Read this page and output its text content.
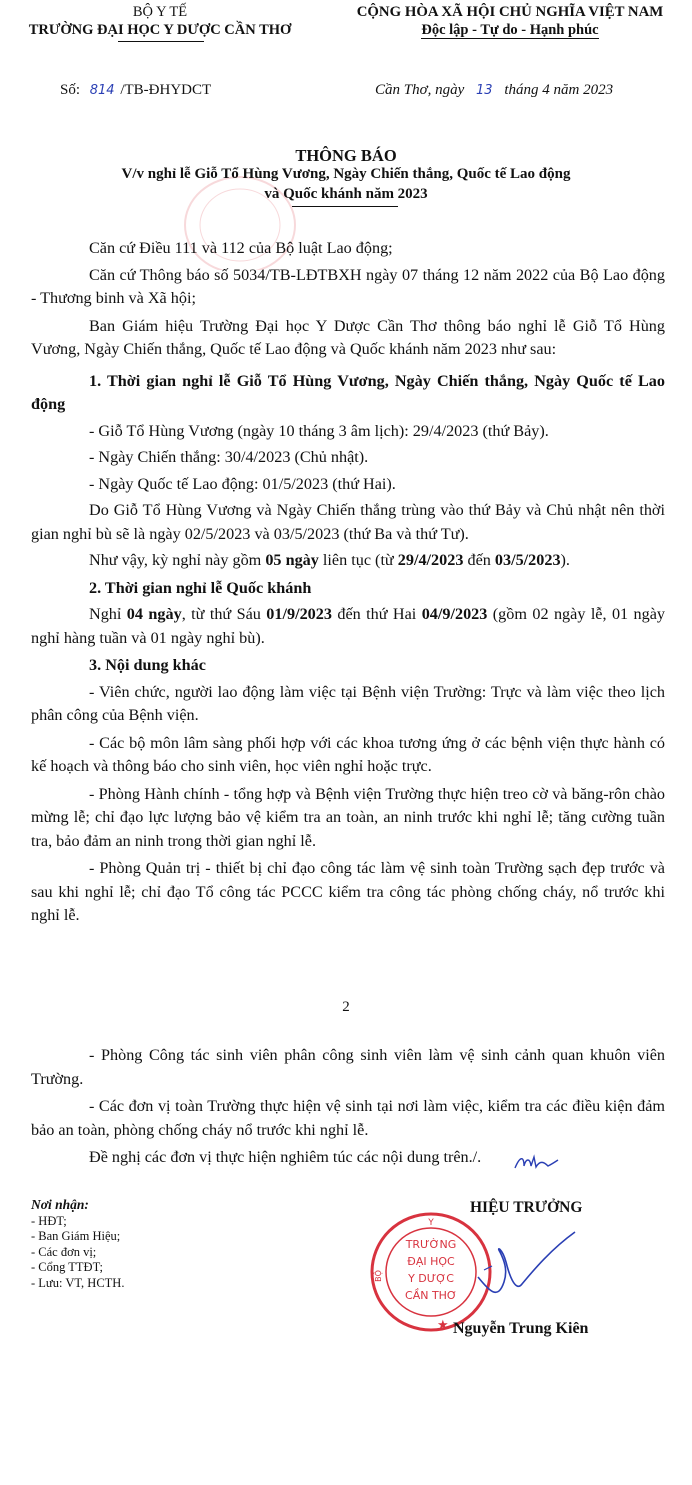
BỘ Y TẾ
TRƯỜNG ĐẠI HỌC Y DƯỢC CẦN THƠ
CỘNG HÒA XÃ HỘI CHỦ NGHĨA VIỆT NAM
Độc lập - Tự do - Hạnh phúc
Số: 814 /TB-ĐHYDCT	Cần Thơ, ngày 13 tháng 4 năm 2023
THÔNG BÁO
V/v nghỉ lễ Giỗ Tổ Hùng Vương, Ngày Chiến thắng, Quốc tế Lao động
và Quốc khánh năm 2023

Căn cứ Điều 111 và 112 của Bộ luật Lao động;

Căn cứ Thông báo số 5034/TB-LĐTBXH ngày 07 tháng 12 năm 2022 của Bộ Lao động - Thương binh và Xã hội;

Ban Giám hiệu Trường Đại học Y Dược Cần Thơ thông báo nghỉ lễ Giỗ Tổ Hùng Vương, Ngày Chiến thắng, Quốc tế Lao động và Quốc khánh năm 2023 như sau:

1. Thời gian nghỉ lễ Giỗ Tổ Hùng Vương, Ngày Chiến thắng, Ngày Quốc tế Lao động

- Giỗ Tổ Hùng Vương (ngày 10 tháng 3 âm lịch): 29/4/2023 (thứ Bảy).

- Ngày Chiến thắng: 30/4/2023 (Chủ nhật).

- Ngày Quốc tế Lao động: 01/5/2023 (thứ Hai).

Do Giỗ Tổ Hùng Vương và Ngày Chiến thắng trùng vào thứ Bảy và Chủ nhật nên thời gian nghỉ bù sẽ là ngày 02/5/2023 và 03/5/2023 (thứ Ba và thứ Tư).

Như vậy, kỳ nghỉ này gồm 05 ngày liên tục (từ 29/4/2023 đến 03/5/2023).

2. Thời gian nghỉ lễ Quốc khánh

Nghỉ 04 ngày, từ thứ Sáu 01/9/2023 đến thứ Hai 04/9/2023 (gồm 02 ngày lễ, 01 ngày nghỉ hàng tuần và 01 ngày nghỉ bù).

3. Nội dung khác

- Viên chức, người lao động làm việc tại Bệnh viện Trường: Trực và làm việc theo lịch phân công của Bệnh viện.

- Các bộ môn lâm sàng phối hợp với các khoa tương ứng ở các bệnh viện thực hành có kế hoạch và thông báo cho sinh viên, học viên nghỉ hoặc trực.

- Phòng Hành chính - tổng hợp và Bệnh viện Trường thực hiện treo cờ và băng-rôn chào mừng lễ; chỉ đạo lực lượng bảo vệ kiểm tra an toàn, an ninh trước khi nghỉ lễ; tăng cường tuần tra, bảo đảm an ninh trong thời gian nghỉ lễ.

- Phòng Quản trị - thiết bị chỉ đạo công tác làm vệ sinh toàn Trường sạch đẹp trước và sau khi nghỉ lễ; chỉ đạo Tổ công tác PCCC kiểm tra công tác phòng chống cháy, nổ trước khi nghỉ lễ.

2

- Phòng Công tác sinh viên phân công sinh viên làm vệ sinh cảnh quan khuôn viên Trường.

- Các đơn vị toàn Trường thực hiện vệ sinh tại nơi làm việc, kiểm tra các điều kiện đảm bảo an toàn, phòng chống cháy nổ trước khi nghỉ lễ.

Đề nghị các đơn vị thực hiện nghiêm túc các nội dung trên./.

Nơi nhận:
- HĐT;
- Ban Giám Hiệu;
- Các đơn vị;
- Cổng TTĐT;
- Lưu: VT, HCTH.
HIỆU TRƯỞNG
Y
BỘ
TRƯỜNG
ĐẠI HỌC
Y DƯỢC
CẦN THƠ
★ Nguyễn Trung Kiên
